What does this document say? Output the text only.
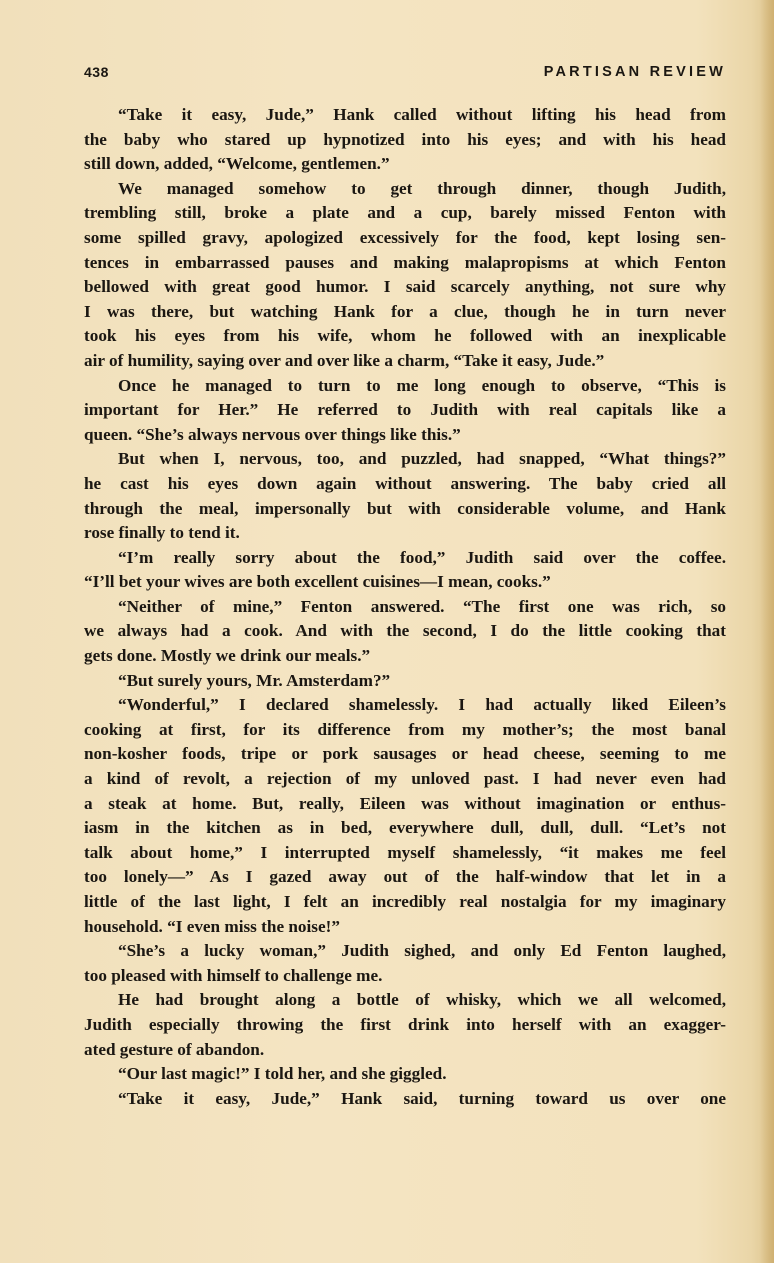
438	PARTISAN REVIEW
“Take it easy, Jude,” Hank called without lifting his head from
the baby who stared up hypnotized into his eyes; and with his head
still down, added, “Welcome, gentlemen.”
We managed somehow to get through dinner, though Judith,
trembling still, broke a plate and a cup, barely missed Fenton with
some spilled gravy, apologized excessively for the food, kept losing sen-
tences in embarrassed pauses and making malapropisms at which Fenton
bellowed with great good humor. I said scarcely anything, not sure why
I was there, but watching Hank for a clue, though he in turn never
took his eyes from his wife, whom he followed with an inexplicable
air of humility, saying over and over like a charm, “Take it easy, Jude.”
Once he managed to turn to me long enough to observe, “This is
important for Her.” He referred to Judith with real capitals like a
queen. “She’s always nervous over things like this.”
But when I, nervous, too, and puzzled, had snapped, “What things?”
he cast his eyes down again without answering. The baby cried all
through the meal, impersonally but with considerable volume, and Hank
rose finally to tend it.
“I’m really sorry about the food,” Judith said over the coffee.
“I’ll bet your wives are both excellent cuisines—I mean, cooks.”
“Neither of mine,” Fenton answered. “The first one was rich, so
we always had a cook. And with the second, I do the little cooking that
gets done. Mostly we drink our meals.”
“But surely yours, Mr. Amsterdam?”
“Wonderful,” I declared shamelessly. I had actually liked Eileen’s
cooking at first, for its difference from my mother’s; the most banal
non-kosher foods, tripe or pork sausages or head cheese, seeming to me
a kind of revolt, a rejection of my unloved past. I had never even had
a steak at home. But, really, Eileen was without imagination or enthus-
iasm in the kitchen as in bed, everywhere dull, dull, dull. “Let’s not
talk about home,” I interrupted myself shamelessly, “it makes me feel
too lonely—” As I gazed away out of the half-window that let in a
little of the last light, I felt an incredibly real nostalgia for my imaginary
household. “I even miss the noise!”
“She’s a lucky woman,” Judith sighed, and only Ed Fenton laughed,
too pleased with himself to challenge me.
He had brought along a bottle of whisky, which we all welcomed,
Judith especially throwing the first drink into herself with an exagger-
ated gesture of abandon.
“Our last magic!” I told her, and she giggled.
“Take it easy, Jude,” Hank said, turning toward us over one
